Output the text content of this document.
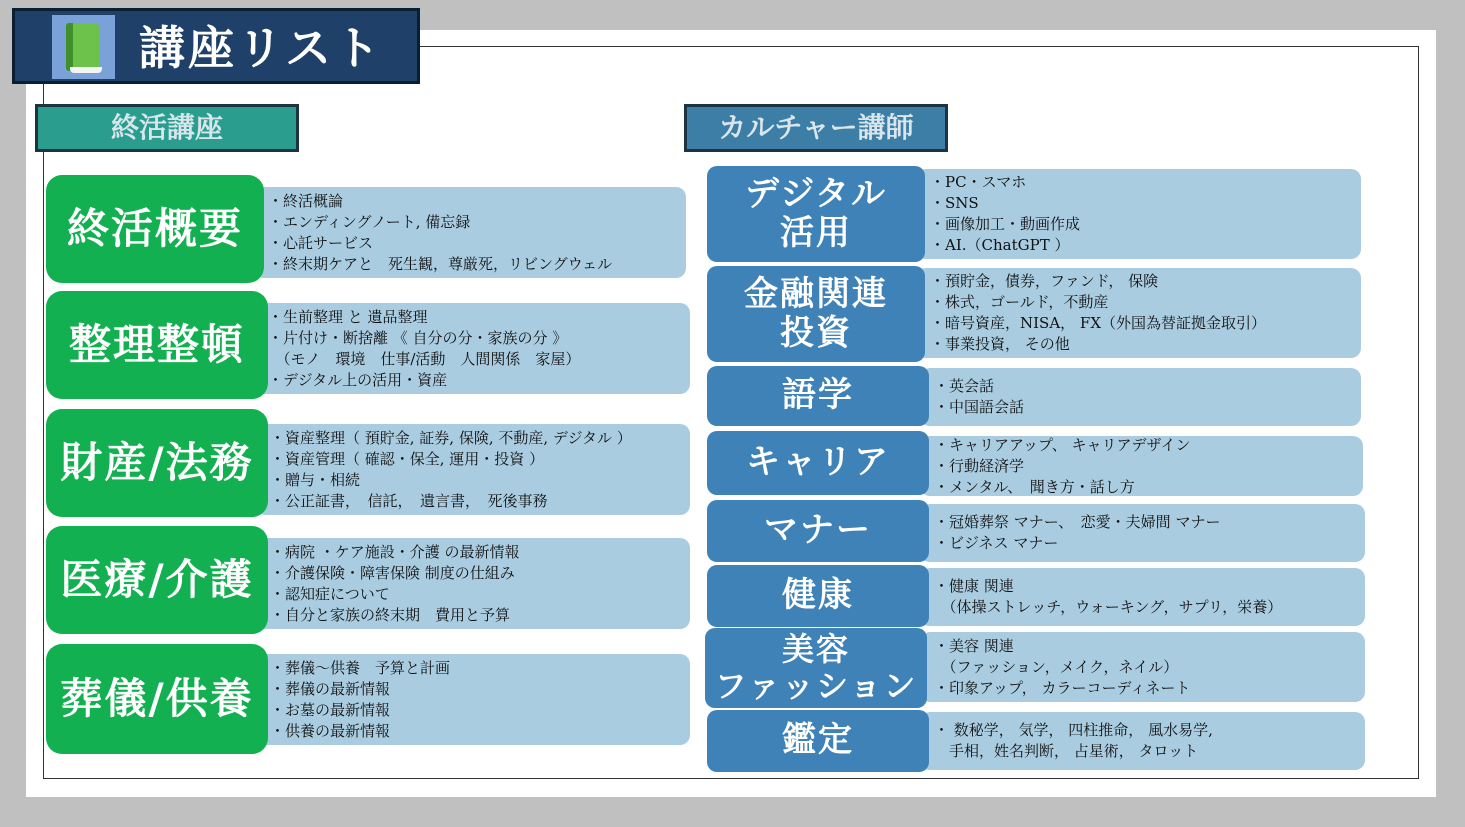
講座リスト
終活講座	カルチャー講師
・終活概論
・エンディングノート, 備忘録
・心託サービス
・終末期ケアと　死生観，尊厳死，リビングウェル
終活概要
・生前整理 と 遺品整理
・片付け・断捨離 《 自分の分・家族の分 》
　（モノ　環境　仕事/活動　人間関係　家屋）
・デジタル上の活用・資産
整理整頓
・資産整理（ 預貯金, 証券, 保険, 不動産, デジタル ）
・資産管理（ 確認・保全, 運用・投資 ）
・贈与・相続
・公正証書，　信託，　遺言書，　死後事務
財産/法務
・病院 ・ケア施設・介護 の最新情報
・介護保険・障害保険 制度の仕組み
・認知症について
・自分と家族の終末期　費用と予算
医療/介護
・葬儀～供養　予算と計画
・葬儀の最新情報
・お墓の最新情報
・供養の最新情報
葬儀/供養
・PC・スマホ
・SNS
・画像加工・動画作成
・AI.（ChatGPT ）
デジタル
活用
・預貯金，債券，ファンド， 保険
・株式，ゴールド，不動産
・暗号資産，NISA， FX（外国為替証拠金取引）
・事業投資， その他
金融関連
投資
・英会話
・中国語会話
語学
・キャリアアップ、 キャリアデザイン
・行動経済学
・メンタル、　聞き方・話し方
キャリア
・冠婚葬祭 マナー、　恋愛・夫婦間 マナー
・ビジネス マナー
マナー
・健康 関連
　（体操ストレッチ，ウォーキング，サプリ，栄養）
健康
・美容 関連
　（ファッション，メイク，ネイル）
・印象アップ， カラーコーディネート
美容
ファッション
・ 数秘学， 気学， 四柱推命， 風水易学,
　手相，姓名判断， 占星術， タロット
鑑定
